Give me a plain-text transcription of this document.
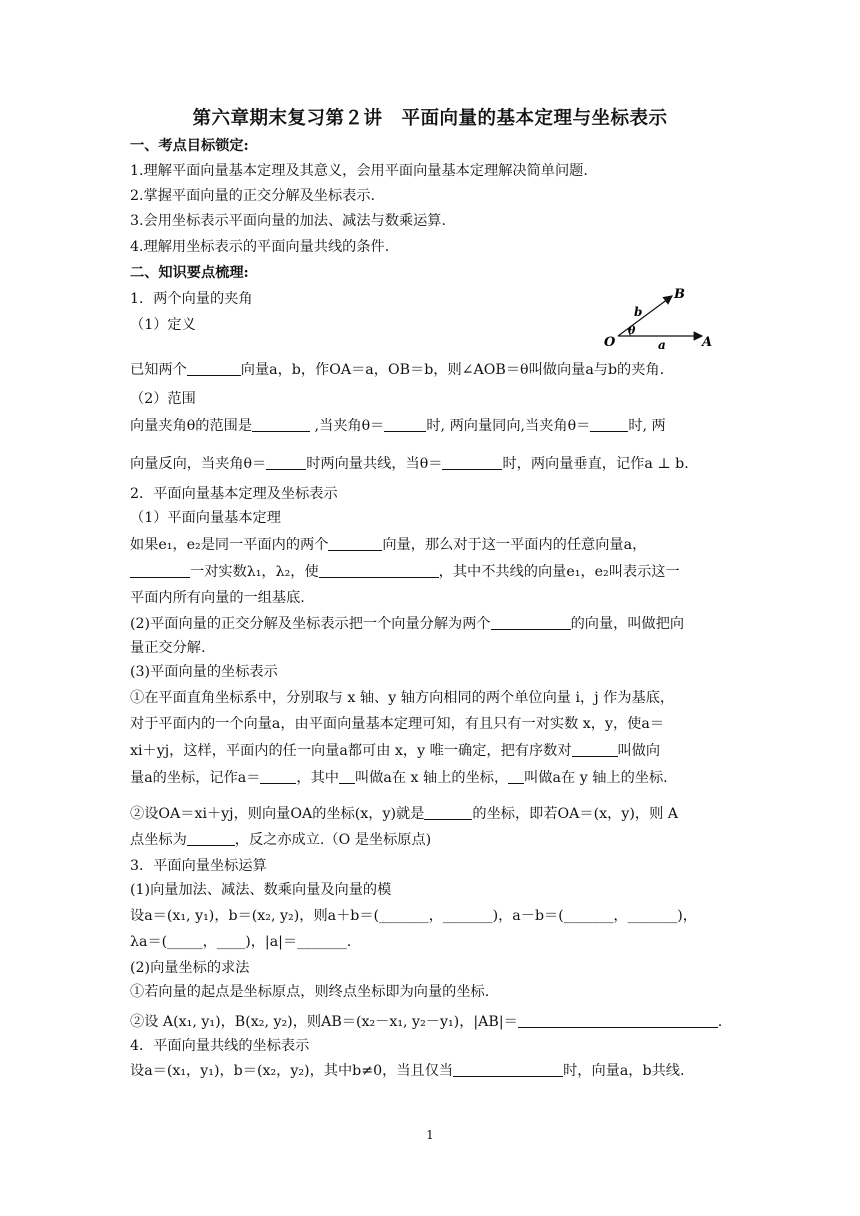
第六章期末复习第２讲　平面向量的基本定理与坐标表示
一、考点目标锁定:
1.理解平面向量基本定理及其意义，会用平面向量基本定理解决简单问题.
2.掌握平面向量的正交分解及坐标表示.
3.会用坐标表示平面向量的加法、减法与数乘运算.
4.理解用坐标表示的平面向量共线的条件.
二、知识要点梳理:
1．两个向量的夹角
（1）定义
O	A
B
a
b
θ
已知两个	向量a，b，作OA＝a，OB＝b，则∠AOB＝θ叫做向量a与b的夹角.
（2）范围
向量夹角θ的范围是	,当夹角θ＝	时, 两向量同向,当夹角θ＝	时, 两
向量反向，当夹角θ＝	时两向量共线，当θ＝	时，两向量垂直，记作a ⊥ b.
2．平面向量基本定理及坐标表示
（1）平面向量基本定理
如果e₁，e₂是同一平面内的两个	向量，那么对于这一平面内的任意向量a，
一对实数λ₁，λ₂，使	，其中不共线的向量e₁，e₂叫表示这一
平面内所有向量的一组基底.
(2)平面向量的正交分解及坐标表示把一个向量分解为两个	的向量，叫做把向
量正交分解.
(3)平面向量的坐标表示
①在平面直角坐标系中，分别取与 x 轴、y 轴方向相同的两个单位向量 i，j 作为基底，
对于平面内的一个向量a，由平面向量基本定理可知，有且只有一对实数 x，y，使a＝
xi＋yj，这样，平面内的任一向量a都可由 x，y 唯一确定，把有序数对	叫做向
量a的坐标，记作a＝	，其中 叫做a在 x 轴上的坐标， 叫做a在 y 轴上的坐标.
②设OA＝xi＋yj，则向量OA的坐标(x，y)就是	的坐标，即若OA＝(x，y)，则 A
点坐标为	，反之亦成立.（O 是坐标原点)
3．平面向量坐标运算
(1)向量加法、减法、数乘向量及向量的模
设a＝(x₁, y₁)，b＝(x₂, y₂)，则a＋b＝(_______，_______)，a－b＝(_______，_______)，
λa＝(_____，____)，|a|＝_______.
(2)向量坐标的求法
①若向量的起点是坐标原点，则终点坐标即为向量的坐标.
②设 A(x₁, y₁)，B(x₂, y₂)，则AB＝(x₂－x₁, y₂－y₁)，|AB|＝	.
4．平面向量共线的坐标表示
设a＝(x₁，y₁)，b＝(x₂，y₂)，其中b≠0，当且仅当	时，向量a，b共线.
1
